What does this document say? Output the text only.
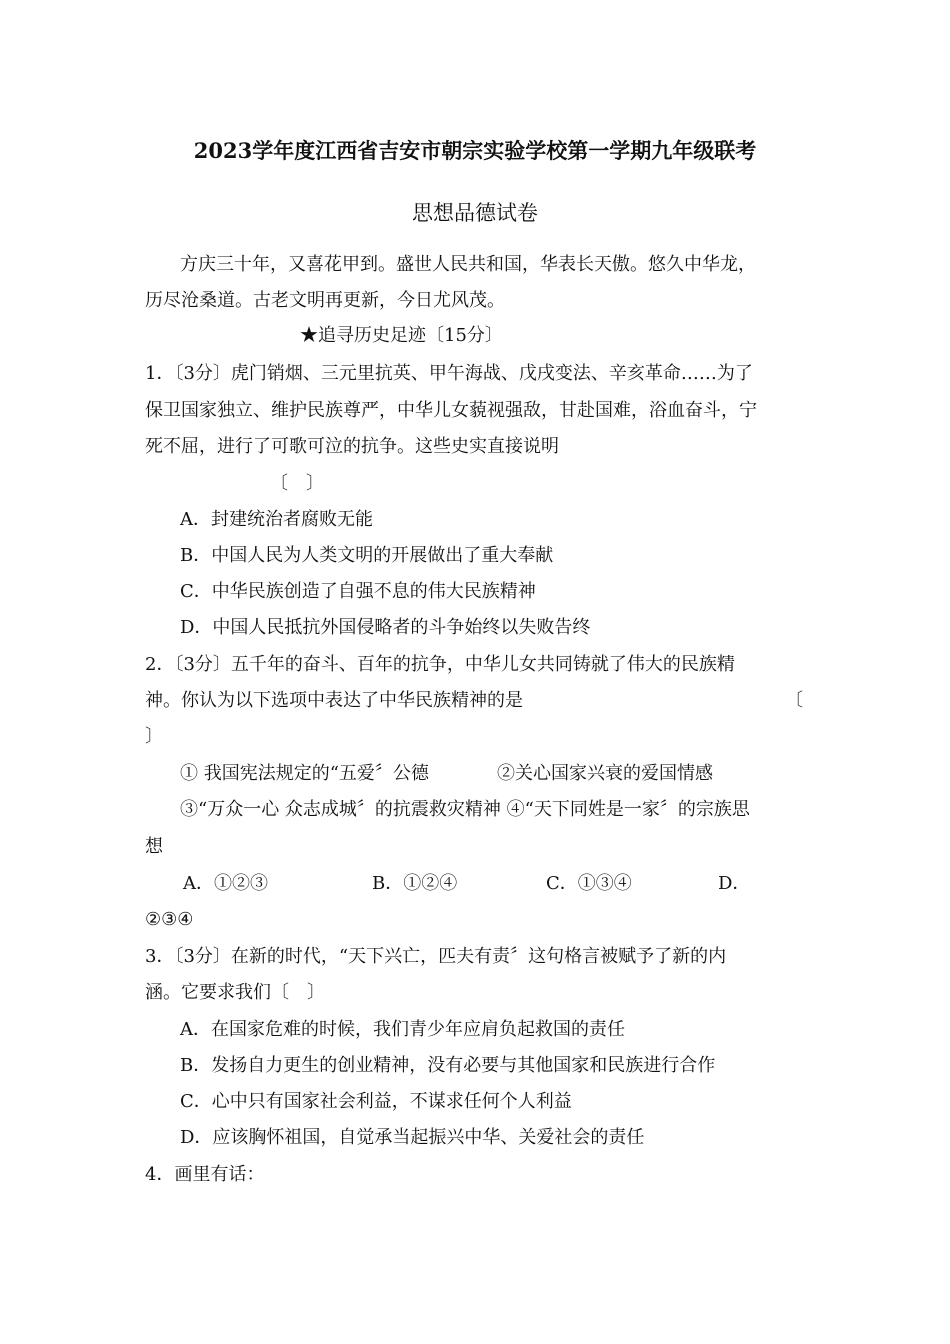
2023学年度江西省吉安市朝宗实验学校第一学期九年级联考
思想品德试卷
方庆三十年，又喜花甲到。盛世人民共和国，华表长天傲。悠久中华龙，
历尽沧桑道。古老文明再更新，今日尤风茂。
★追寻历史足迹〔15分〕
1．〔3分〕虎门销烟、三元里抗英、甲午海战、戊戌变法、辛亥革命……为了
保卫国家独立、维护民族尊严，中华儿女藐视强敌，甘赴国难，浴血奋斗，宁
死不屈，进行了可歌可泣的抗争。这些史实直接说明
〔　〕
A．封建统治者腐败无能
B．中国人民为人类文明的开展做出了重大奉献
C．中华民族创造了自强不息的伟大民族精神
D．中国人民抵抗外国侵略者的斗争始终以失败告终
2．〔3分〕五千年的奋斗、百年的抗争，中华儿女共同铸就了伟大的民族精
神。你认为以下选项中表达了中华民族精神的是	〔
〕
① 我国宪法规定的“五爱〞公德	②关心国家兴衰的爱国情感
③“万众一心 众志成城〞的抗震救灾精神 ④“天下同姓是一家〞的宗族思
想
A．①②③	B．①②④	C．①③④	D．
②③④
3．〔3分〕在新的时代，“天下兴亡，匹夫有责〞这句格言被赋予了新的内
涵。它要求我们〔　〕
A．在国家危难的时候，我们青少年应肩负起救国的责任
B．发扬自力更生的创业精神，没有必要与其他国家和民族进行合作
C．心中只有国家社会利益，不谋求任何个人利益
D．应该胸怀祖国，自觉承当起振兴中华、关爱社会的责任
4．画里有话：
